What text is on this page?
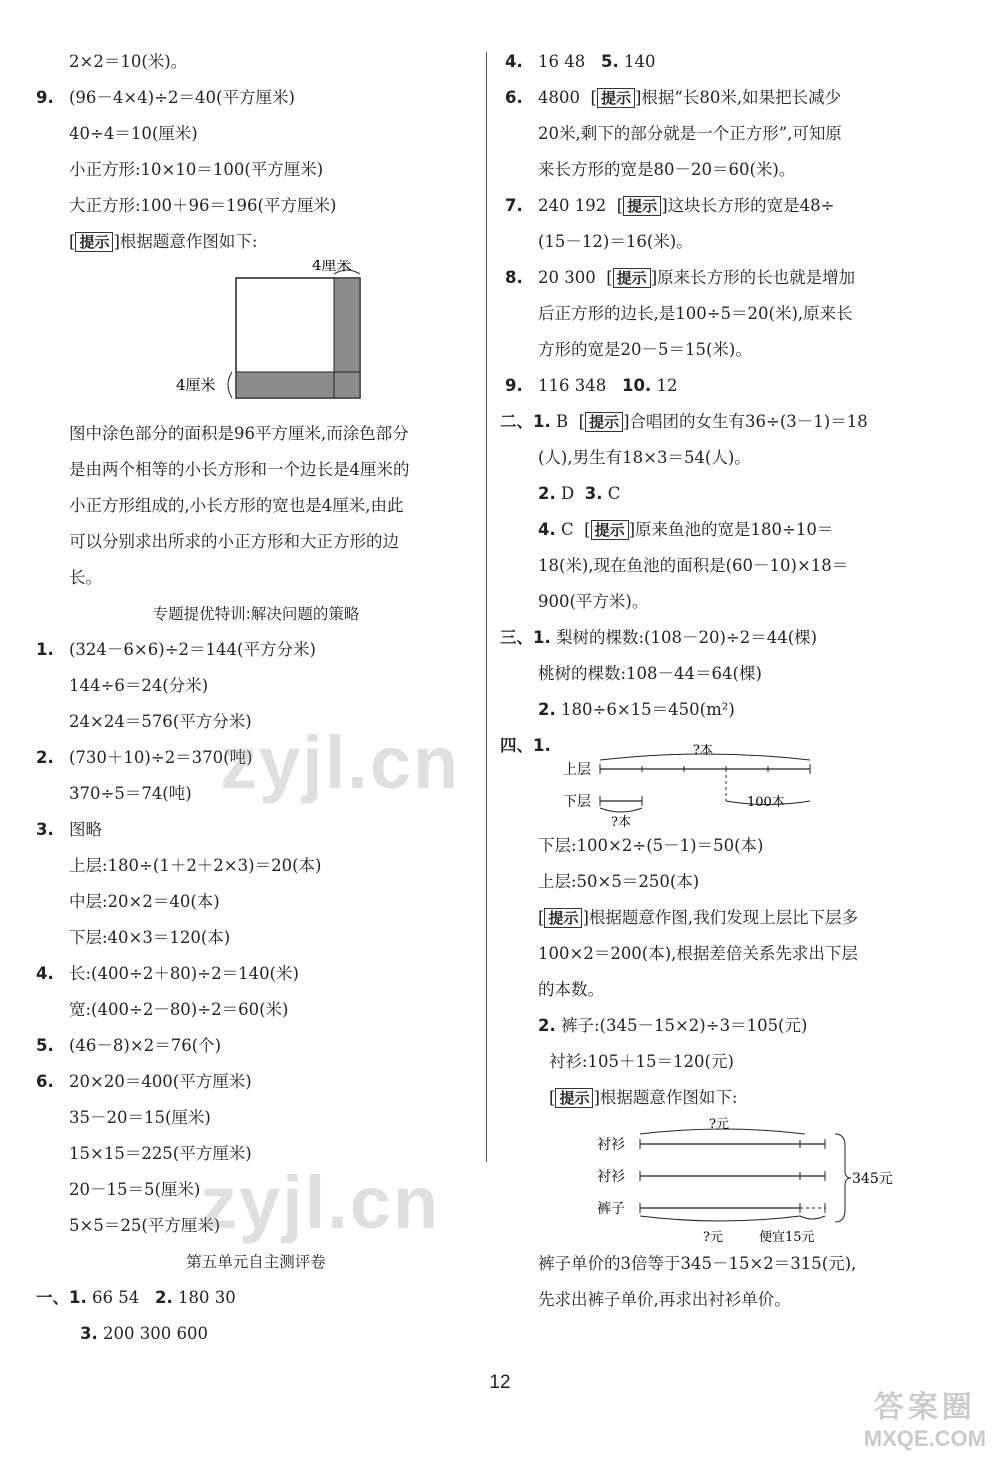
2×2＝10(米)。
9. (96－4×4)÷2＝40(平方厘米)
40÷4＝10(厘米)
小正方形:10×10＝100(平方厘米)
大正方形:100＋96＝196(平方厘米)
[ 提示 ]根据题意作图如下:
4厘米
4厘米
图中涂色部分的面积是96平方厘米,而涂色部分
是由两个相等的小长方形和一个边长是4厘米的
小正方形组成的,小长方形的宽也是4厘米,由此
可以分别求出所求的小正方形和大正方形的边
长。
专题提优特训:解决问题的策略
1. (324－6×6)÷2＝144(平方分米)
144÷6＝24(分米)
24×24＝576(平方分米)
2. (730＋10)÷2＝370(吨)
370÷5＝74(吨)
3. 图略
上层:180÷(1＋2＋2×3)＝20(本)
中层:20×2＝40(本)
下层:40×3＝120(本)
4. 长:(400÷2＋80)÷2＝140(米)
宽:(400÷2－80)÷2＝60(米)
5. (46－8)×2＝76(个)
6. 20×20＝400(平方厘米)
35－20＝15(厘米)
15×15＝225(平方厘米)
20－15＝5(厘米)
5×5＝25(平方厘米)
第五单元自主测评卷
一、1. 66 54 2. 180 30
3. 200 300 600
4. 16 48 5. 140
6. 4800  [ 提示 ]根据“长80米,如果把长减少
20米,剩下的部分就是一个正方形”,可知原
来长方形的宽是80－20＝60(米)。
7. 240 192  [ 提示 ]这块长方形的宽是48÷
(15－12)＝16(米)。
8. 20 300  [ 提示 ]原来长方形的长也就是增加
后正方形的边长,是100÷5＝20(米),原来长
方形的宽是20－5＝15(米)。
9. 116 348 10. 12
二、1. B  [ 提示 ]合唱团的女生有36÷(3－1)＝18
(人),男生有18×3＝54(人)。
2. D 3. C
4. C  [ 提示 ]原来鱼池的宽是180÷10＝
18(米),现在鱼池的面积是(60－10)×18＝
900(平方米)。
三、1. 梨树的棵数:(108－20)÷2＝44(棵)
桃树的棵数:108－44＝64(棵)
2. 180÷6×15＝450(m²)
四、1.
上层
下层
?本
100本
?本
下层:100×2÷(5－1)＝50(本)
上层:50×5＝250(本)
[ 提示 ]根据题意作图,我们发现上层比下层多
100×2＝200(本),根据差倍关系先求出下层
的本数。
2. 裤子:(345－15×2)÷3＝105(元)
衬衫:105＋15＝120(元)
[ 提示 ]根据题意作图如下:
?元
衬衫
衬衫
裤子
?元	便宜15元
345元
裤子单价的3倍等于345－15×2＝315(元),
先求出裤子单价,再求出衬衫单价。
12
zyjl.cn
zyjl.cn
答案圈
MXQE.COM
